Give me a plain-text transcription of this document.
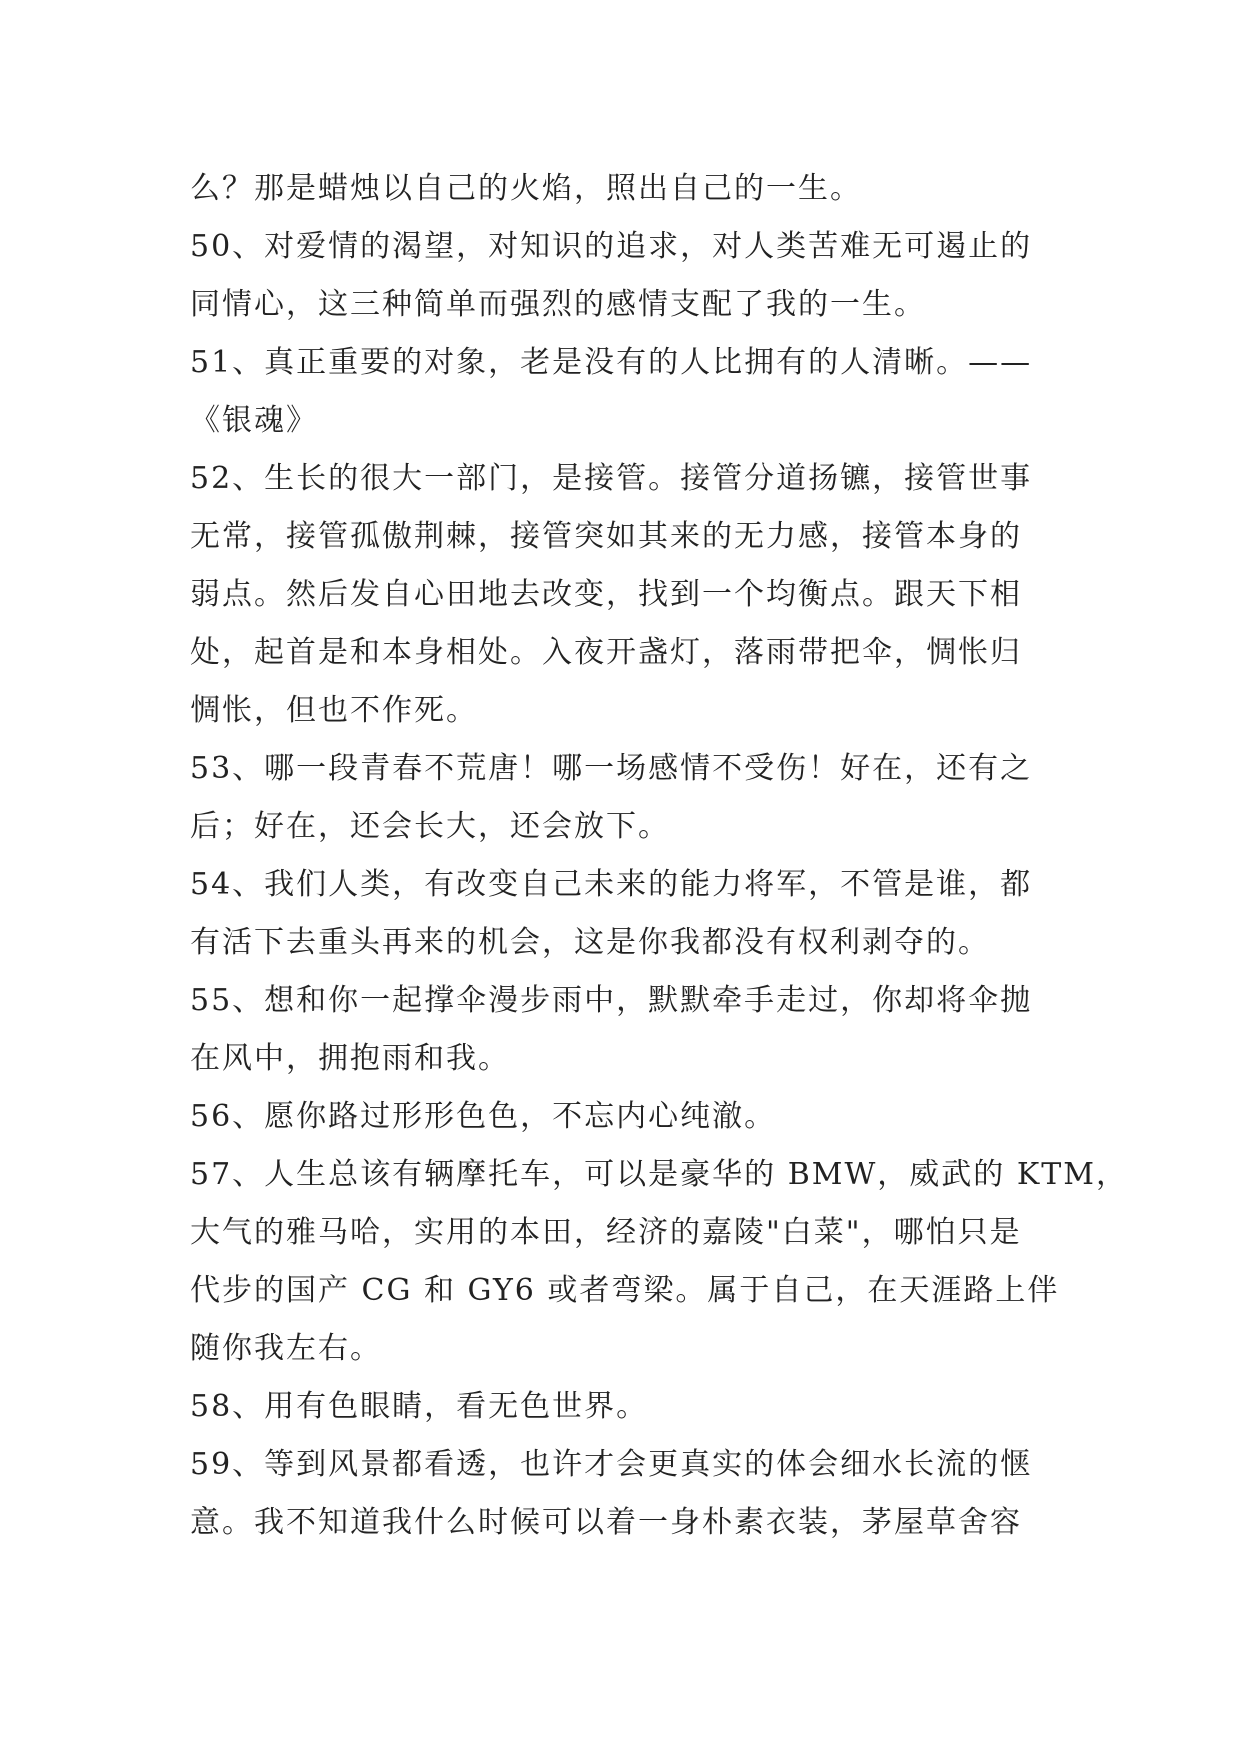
么？那是蜡烛以自己的火焰，照出自己的一生。
50、对爱情的渴望，对知识的追求，对人类苦难无可遏止的
同情心，这三种简单而强烈的感情支配了我的一生。
51、真正重要的对象，老是没有的人比拥有的人清晰。——
《银魂》
52、生长的很大一部门，是接管。接管分道扬镳，接管世事
无常，接管孤傲荆棘，接管突如其来的无力感，接管本身的
弱点。然后发自心田地去改变，找到一个均衡点。跟天下相
处，起首是和本身相处。入夜开盏灯，落雨带把伞，惆怅归
惆怅，但也不作死。
53、哪一段青春不荒唐！哪一场感情不受伤！好在，还有之
后；好在，还会长大，还会放下。
54、我们人类，有改变自己未来的能力将军，不管是谁，都
有活下去重头再来的机会，这是你我都没有权利剥夺的。
55、想和你一起撑伞漫步雨中，默默牵手走过，你却将伞抛
在风中，拥抱雨和我。
56、愿你路过形形色色，不忘内心纯澈。
57、人生总该有辆摩托车，可以是豪华的 BMW，威武的 KTM，
大气的雅马哈，实用的本田，经济的嘉陵"白菜"，哪怕只是
代步的国产 CG 和 GY6 或者弯梁。属于自己，在天涯路上伴
随你我左右。
58、用有色眼睛，看无色世界。
59、等到风景都看透，也许才会更真实的体会细水长流的惬
意。我不知道我什么时候可以着一身朴素衣装，茅屋草舍容
